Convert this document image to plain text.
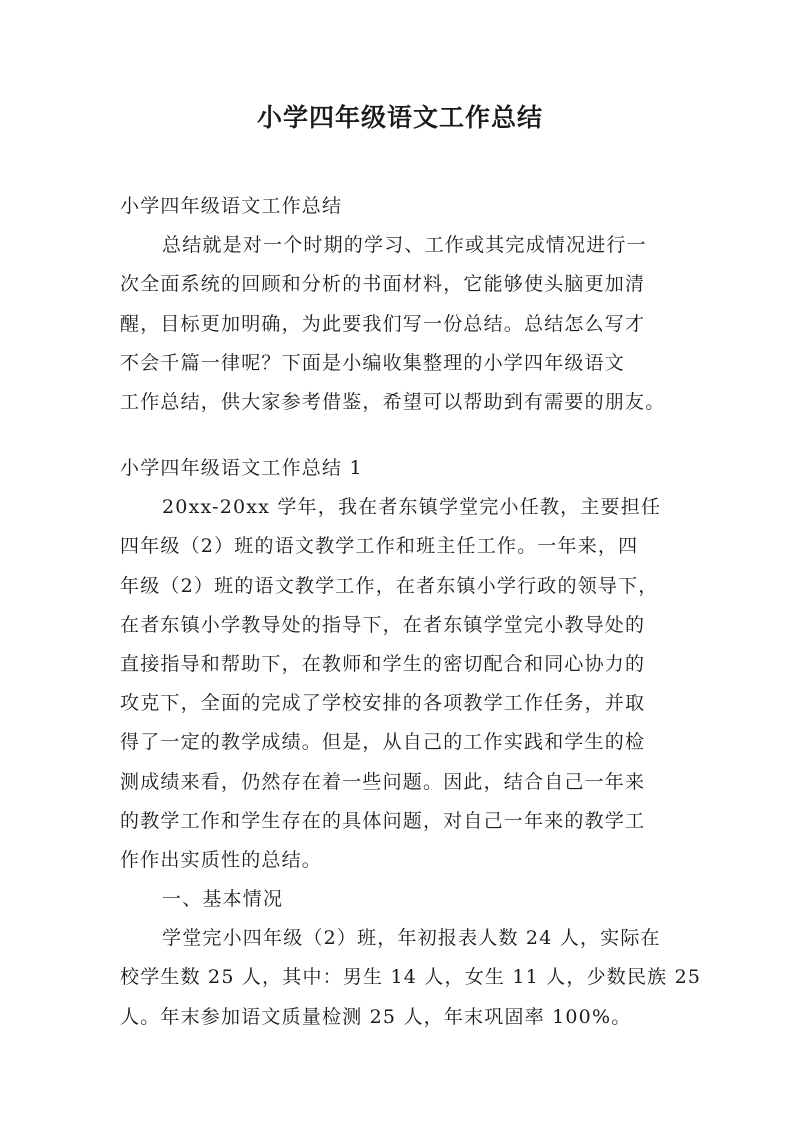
小学四年级语文工作总结
小学四年级语文工作总结
总结就是对一个时期的学习、工作或其完成情况进行一
次全面系统的回顾和分析的书面材料，它能够使头脑更加清
醒，目标更加明确，为此要我们写一份总结。总结怎么写才
不会千篇一律呢？下面是小编收集整理的小学四年级语文
工作总结，供大家参考借鉴，希望可以帮助到有需要的朋友。
小学四年级语文工作总结 1
20xx-20xx 学年，我在者东镇学堂完小任教，主要担任
四年级（2）班的语文教学工作和班主任工作。一年来，四
年级（2）班的语文教学工作，在者东镇小学行政的领导下，
在者东镇小学教导处的指导下，在者东镇学堂完小教导处的
直接指导和帮助下，在教师和学生的密切配合和同心协力的
攻克下，全面的完成了学校安排的各项教学工作任务，并取
得了一定的教学成绩。但是，从自己的工作实践和学生的检
测成绩来看，仍然存在着一些问题。因此，结合自己一年来
的教学工作和学生存在的具体问题，对自己一年来的教学工
作作出实质性的总结。
一、基本情况
学堂完小四年级（2）班，年初报表人数 24 人，实际在
校学生数 25 人，其中：男生 14 人，女生 11 人，少数民族 25
人。年末参加语文质量检测 25 人，年末巩固率 100%。
